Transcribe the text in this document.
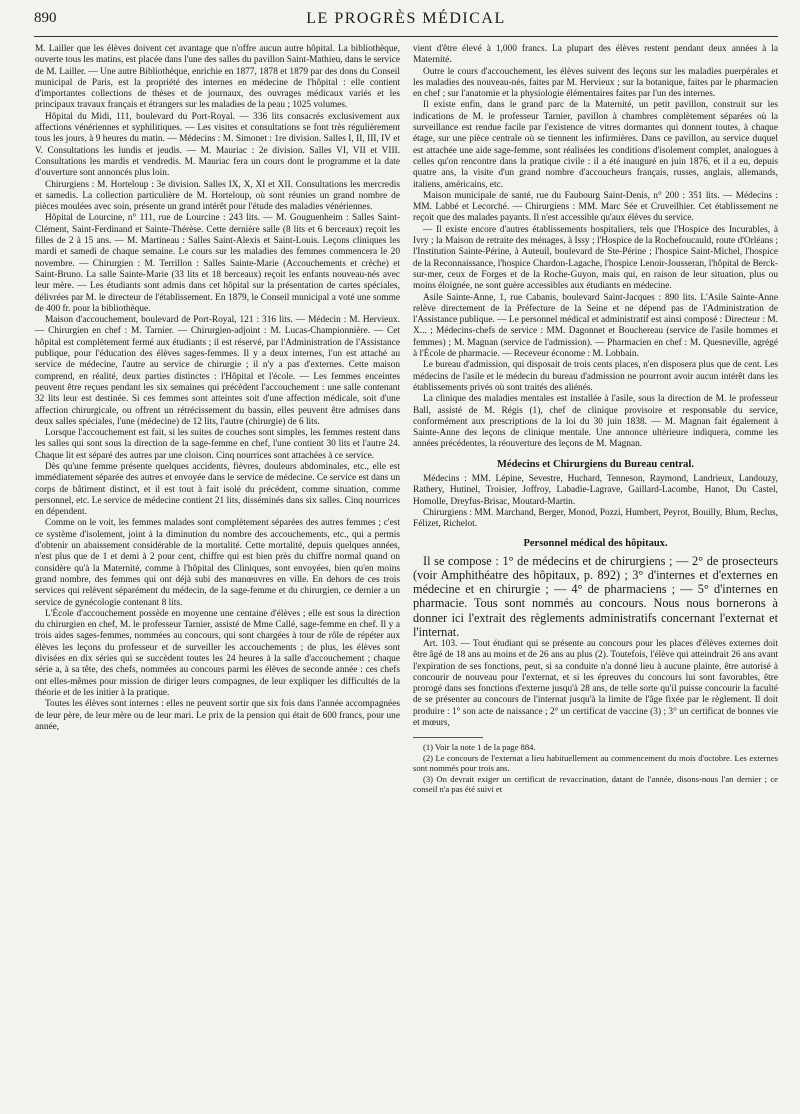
890	LE PROGRÈS MÉDICAL

M. Lailler que les élèves doivent cet avantage que n'offre aucun autre hôpital. La bibliothèque, ouverte tous les matins, est placée dans l'une des salles du pavillon Saint-Mathieu, dans le service de M. Lailler. — Une autre Bibliothèque, enrichie en 1877, 1878 et 1879 par des dons du Conseil municipal de Paris, est la propriété des internes en médecine de l'hôpital : elle contient d'importantes collections de thèses et de journaux, des ouvrages médicaux variés et les principaux travaux français et étrangers sur les maladies de la peau ; 1025 volumes.

Hôpital du Midi, 111, boulevard du Port-Royal. — 336 lits consacrés exclusivement aux affections vénériennes et syphilitiques. — Les visites et consultations se font très régulièrement tous les jours, à 9 heures du matin. — Médecins : M. Simonet : 1re division. Salles I, II, III, IV et V. Consultations les lundis et jeudis. — M. Mauriac : 2e division. Salles VI, VII et VIII. Consultations les mardis et vendredis. M. Mauriac fera un cours dont le programme et la date d'ouverture sont annoncés plus loin.

Chirurgiens : M. Horteloup : 3e division. Salles IX, X, XI et XII. Consultations les mercredis et samedis. La collection particulière de M. Horteloup, où sont réunies un grand nombre de pièces moulées avec soin, présente un grand intérêt pour l'étude des maladies vénériennes.

Hôpital de Lourcine, n° 111, rue de Lourcine : 243 lits. — M. Gouguenheim : Salles Saint-Clément, Saint-Ferdinand et Sainte-Thérèse. Cette dernière salle (8 lits et 6 berceaux) reçoit les filles de 2 à 15 ans. — M. Martineau : Salles Saint-Alexis et Saint-Louis. Leçons cliniques les mardi et samedi de chaque semaine. Le cours sur les maladies des femmes commencera le 20 novembre. — Chirurgien : M. Terrillon : Salles Sainte-Marie (Accouchements et crèche) et Saint-Bruno. La salle Sainte-Marie (33 lits et 18 berceaux) reçoit les enfants nouveau-nés avec leur mère. — Les étudiants sont admis dans cet hôpital sur la présentation de cartes spéciales, délivrées par M. le directeur de l'établissement. En 1879, le Conseil municipal a voté une somme de 400 fr. pour la bibliothèque.

Maison d'accouchement, boulevard de Port-Royal, 121 : 316 lits. — Médecin : M. Hervieux. — Chirurgien en chef : M. Tarnier. — Chirurgien-adjoint : M. Lucas-Championnière. — Cet hôpital est complètement fermé aux étudiants ; il est réservé, par l'Administration de l'Assistance publique, pour l'éducation des élèves sages-femmes. Il y a deux internes, l'un est attaché au service de médecine, l'autre au service de chirurgie ; il n'y a pas d'externes. Cette maison comprend, en réalité, deux parties distinctes : l'Hôpital et l'école. — Les femmes enceintes peuvent être reçues pendant les six semaines qui précèdent l'accouchement : une salle contenant 32 lits leur est destinée. Si ces femmes sont atteintes soit d'une affection médicale, soit d'une affection chirurgicale, ou offrent un rétrécissement du bassin, elles peuvent être admises dans deux salles spéciales, l'une (médecine) de 12 lits, l'autre (chirurgie) de 6 lits.

Lorsque l'accouchement est fait, si les suites de couches sont simples, les femmes restent dans les salles qui sont sous la direction de la sage-femme en chef, l'une contient 30 lits et l'autre 24. Chaque lit est séparé des autres par une cloison. Cinq nourrices sont attachées à ce service.

Dès qu'une femme présente quelques accidents, fièvres, douleurs abdominales, etc., elle est immédiatement séparée des autres et envoyée dans le service de médecine. Ce service est dans un corps de bâtiment distinct, et il est tout à fait isolé du précédent, comme situation, comme personnel, etc. Le service de médecine contient 21 lits, disséminés dans six salles. Cinq nourrices en dépendent.

Comme on le voit, les femmes malades sont complètement séparées des autres femmes ; c'est ce système d'isolement, joint à la diminution du nombre des accouchements, etc., qui a permis d'obtenir un abaissement considérable de la mortalité. Cette mortalité, depuis quelques années, n'est plus que de 1 et demi à 2 pour cent, chiffre qui est bien près du chiffre normal quand on considère qu'à la Maternité, comme à l'hôpital des Cliniques, sont envoyées, bien qu'en moins grand nombre, des femmes qui ont déjà subi des manœuvres en ville. En dehors de ces trois services qui relèvent séparément du médecin, de la sage-femme et du chirurgien, ce dernier a un service de gynécologie contenant 8 lits.

L'École d'accouchement possède en moyenne une centaine d'élèves ; elle est sous la direction du chirurgien en chef, M. le professeur Tarnier, assisté de Mme Callé, sage-femme en chef. Il y a trois aides sages-femmes, nommées au concours, qui sont chargées à tour de rôle de répéter aux élèves les leçons du professeur et de surveiller les accouchements ; de plus, les élèves sont divisées en dix séries qui se succèdent toutes les 24 heures à la salle d'accouchement ; chaque série a, à sa tête, des chefs, nommées au concours parmi les élèves de seconde année : ces chefs ont elles-mêmes pour mission de diriger leurs compagnes, de leur expliquer les difficultés de la théorie et de les initier à la pratique.

Toutes les élèves sont internes : elles ne peuvent sortir que six fois dans l'année accompagnées de leur père, de leur mère ou de leur mari. Le prix de la pension qui était de 600 francs, pour une année,

vient d'être élevé à 1,000 francs. La plupart des élèves restent pendant deux années à la Maternité.

Outre le cours d'accouchement, les élèves suivent des leçons sur les maladies puerpérales et les maladies des nouveau-nés, faites par M. Hervieux ; sur la botanique, faites par le pharmacien en chef ; sur l'anatomie et la physiologie élémentaires faites par l'un des internes.

Il existe enfin, dans le grand parc de la Maternité, un petit pavillon, construit sur les indications de M. le professeur Tarnier, pavillon à chambres complètement séparées où la surveillance est rendue facile par l'existence de vitres dormantes qui donnent toutes, à chaque étage, sur une pièce centrale où se tiennent les infirmières. Dans ce pavillon, au service duquel est attachée une aide sage-femme, sont réalisées les conditions d'isolement complet, analogues à celles qu'on rencontre dans la pratique civile : il a été inauguré en juin 1876, et il a eu, depuis quatre ans, la visite d'un grand nombre d'accoucheurs français, russes, anglais, allemands, italiens, américains, etc.

Maison municipale de santé, rue du Faubourg Saint-Denis, n° 200 : 351 lits. — Médecins : MM. Labbé et Lecorché. — Chirurgiens : MM. Marc Sée et Cruveilhier. Cet établissement ne reçoit que des malades payants. Il n'est accessible qu'aux élèves du service.

— Il existe encore d'autres établissements hospitaliers, tels que l'Hospice des Incurables, à Ivry ; la Maison de retraite des ménages, à Issy ; l'Hospice de la Rochefoucauld, route d'Orléans ; l'Institution Sainte-Périne, à Auteuil, boulevard de Ste-Périne ; l'hospice Saint-Michel, l'hospice de la Reconnaissance, l'hospice Chardon-Lagache, l'hospice Lenoir-Jousseran, l'hôpital de Berck-sur-mer, ceux de Forges et de la Roche-Guyon, mais qui, en raison de leur situation, plus ou moins éloignée, ne sont guère accessibles aux étudiants en médecine.

Asile Sainte-Anne, 1, rue Cabanis, boulevard Saint-Jacques : 890 lits. L'Asile Sainte-Anne relève directement de la Préfecture de la Seine et ne dépend pas de l'Administration de l'Assistance publique. — Le personnel médical et administratif est ainsi composé : Directeur : M. X... ; Médecins-chefs de service : MM. Dagonnet et Bouchereau (service de l'asile hommes et femmes) ; M. Magnan (service de l'admission). — Pharmacien en chef : M. Quesneville, agrégé à l'École de pharmacie. — Receveur économe : M. Lobbain.

Le bureau d'admission, qui disposait de trois cents places, n'en disposera plus que de cent. Les médecins de l'asile et le médecin du bureau d'admission ne pourront avoir aucun intérêt dans les établissements privés où sont traités des aliénés.

La clinique des maladies mentales est installée à l'asile, sous la direction de M. le professeur Ball, assisté de M. Régis (1), chef de clinique provisoire et responsable du service, conformément aux prescriptions de la loi du 30 juin 1838. — M. Magnan fait également à Sainte-Anne des leçons de clinique mentale. Une annonce ultérieure indiquera, comme les années précédentes, la réouverture des leçons de M. Magnan.

Médecins et Chirurgiens du Bureau central.

Médecins : MM. Lépine, Sevestre, Huchard, Tenneson, Raymond, Landrieux, Landouzy, Rathery, Hutinel, Troisier, Joffroy, Labadie-Lagrave, Gaillard-Lacombe, Hanot, Du Castel, Homolle, Dreyfus-Brisac, Moutard-Martin.

Chirurgiens : MM. Marchand, Berger, Monod, Pozzi, Humbert, Peyrot, Bouilly, Blum, Reclus, Félizet, Richelot.

Personnel médical des hôpitaux.

Il se compose : 1° de médecins et de chirurgiens ; — 2° de prosecteurs (voir Amphithéatre des hôpitaux, p. 892) ; 3° d'internes et d'externes en médecine et en chirurgie ; — 4° de pharmaciens ; — 5° d'internes en pharmacie. Tous sont nommés au concours. Nous nous bornerons à donner ici l'extrait des règlements administratifs concernant l'externat et l'internat.

Art. 103. — Tout étudiant qui se présente au concours pour les places d'élèves externes doit être âgé de 18 ans au moins et de 26 ans au plus (2). Toutefois, l'élève qui atteindrait 26 ans avant l'expiration de ses fonctions, peut, si sa conduite n'a donné lieu à aucune plainte, être autorisé à concourir de nouveau pour l'externat, et si les épreuves du concours lui sont favorables, être prorogé dans ses fonctions d'externe jusqu'à 28 ans, de telle sorte qu'il puisse concourir la faculté de se présenter au concours de l'internat jusqu'à la limite de l'âge fixée par le règlement. Il doit produire : 1° son acte de naissance ; 2° un certificat de vaccine (3) ; 3° un certificat de bonnes vie et mœurs,

(1) Voir la note 1 de la page 884.

(2) Le concours de l'externat a lieu habituellement au commencement du mois d'octobre. Les externes sont nommés pour trois ans.

(3) On devrait exiger un certificat de revaccination, datant de l'année, disons-nous l'an dernier ; ce conseil n'a pas été suivi et
